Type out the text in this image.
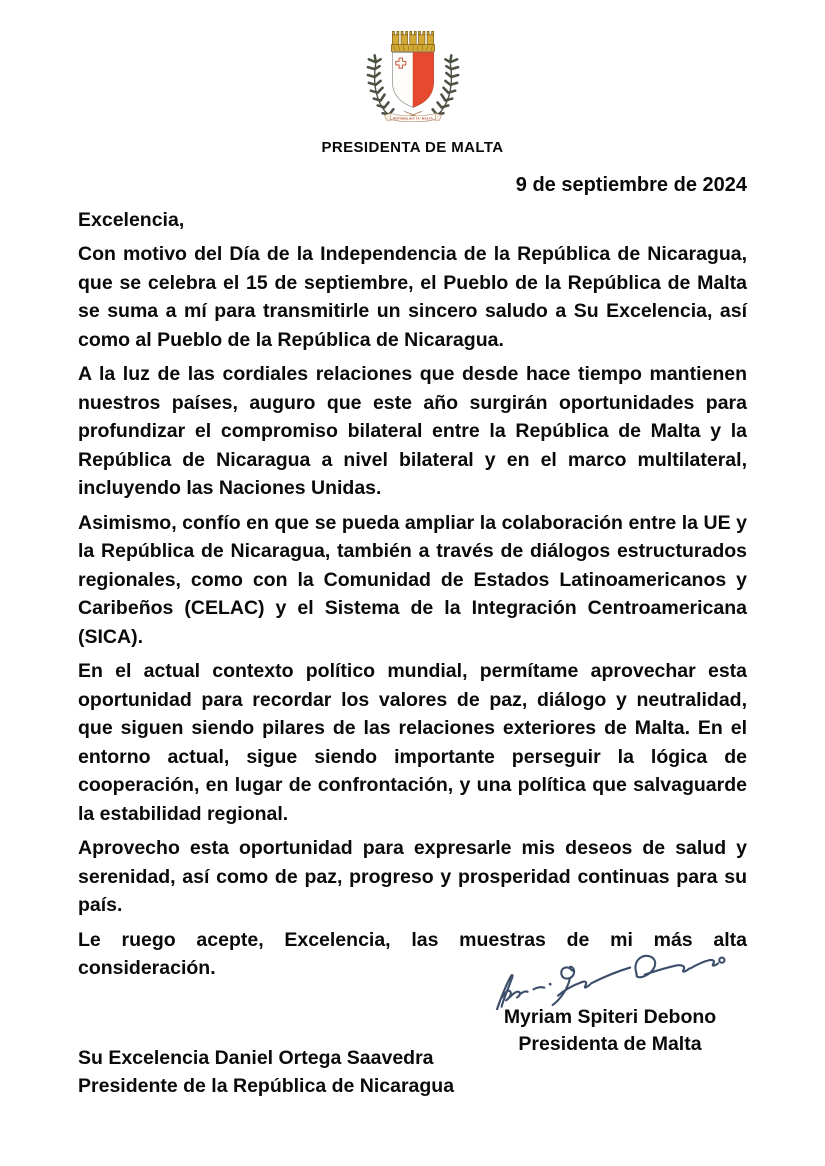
REPUBBLIKA TA' MALTA
PRESIDENTA DE MALTA
9 de septiembre de 2024
Excelencia,

Con motivo del Día de la Independencia de la República de Nicaragua, que se celebra el 15 de septiembre, el Pueblo de la República de Malta se suma a mí para transmitirle un sincero saludo a Su Excelencia, así como al Pueblo de la República de Nicaragua.

A la luz de las cordiales relaciones que desde hace tiempo mantienen nuestros países, auguro que este año surgirán oportunidades para profundizar el compromiso bilateral entre la República de Malta y la República de Nicaragua a nivel bilateral y en el marco multilateral, incluyendo las Naciones Unidas.

Asimismo, confío en que se pueda ampliar la colaboración entre la UE y la República de Nicaragua, también a través de diálogos estructurados regionales, como con la Comunidad de Estados Latinoamericanos y Caribeños (CELAC) y el Sistema de la Integración Centroamericana (SICA).

En el actual contexto político mundial, permítame aprovechar esta oportunidad para recordar los valores de paz, diálogo y neutralidad, que siguen siendo pilares de las relaciones exteriores de Malta. En el entorno actual, sigue siendo importante perseguir la lógica de cooperación, en lugar de confrontación, y una política que salvaguarde la estabilidad regional.

Aprovecho esta oportunidad para expresarle mis deseos de salud y serenidad, así como de paz, progreso y prosperidad continuas para su país.

Le ruego acepte, Excelencia, las muestras de mi más alta consideración.

Myriam Spiteri Debono
Presidenta de Malta
Su Excelencia Daniel Ortega Saavedra
Presidente de la República de Nicaragua
